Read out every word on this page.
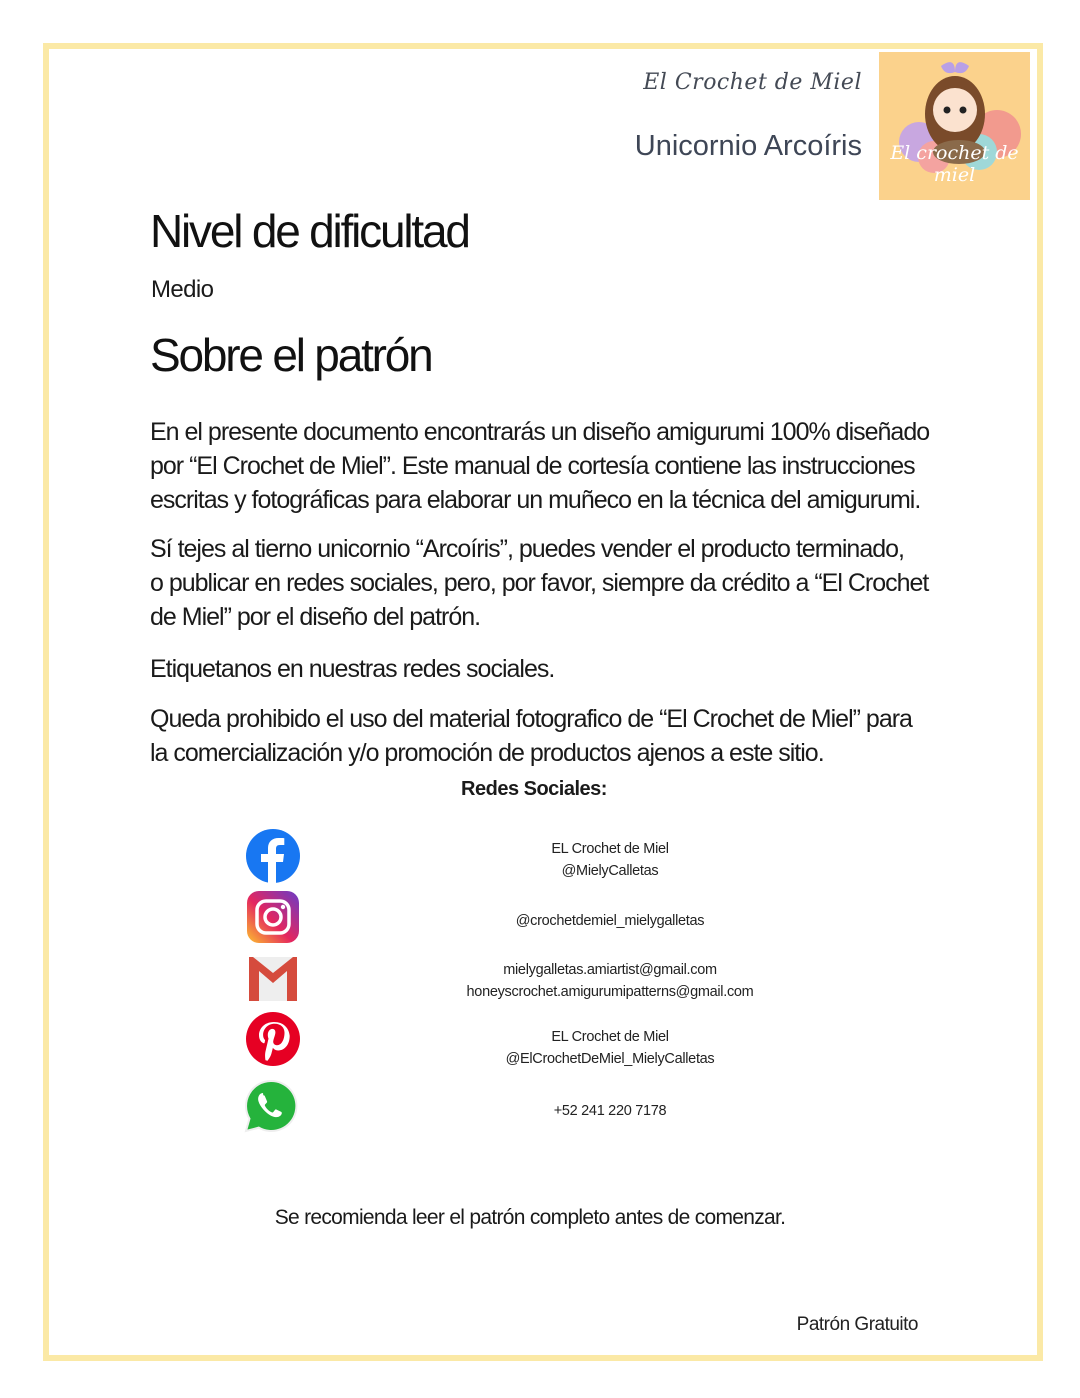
El Crochet de Miel
Unicornio Arcoíris	El crochet de miel
Nivel de dificultad
Medio
Sobre el patrón
En el presente documento encontrarás un diseño amigurumi 100% diseñado
por “El Crochet de Miel”. Este manual de cortesía contiene las instrucciones
escritas y fotográficas para elaborar un muñeco en la técnica del amigurumi.
Sí tejes al tierno unicornio “Arcoíris”, puedes vender el producto terminado,
o publicar en redes sociales, pero, por favor, siempre da crédito a “El Crochet
de Miel” por el diseño del patrón.
Etiquetanos en nuestras redes sociales.
Queda prohibido el uso del material fotografico de “El Crochet de Miel” para
la comercialización y/o promoción de productos ajenos a este sitio.
Redes Sociales:
EL Crochet de Miel
@MielyCalletas
@crochetdemiel_mielygalletas
mielygalletas.amiartist@gmail.com
honeyscrochet.amigurumipatterns@gmail.com
EL Crochet de Miel
@ElCrochetDeMiel_MielyCalletas
+52 241 220 7178
Se recomienda leer el patrón completo antes de comenzar.
Patrón Gratuito
